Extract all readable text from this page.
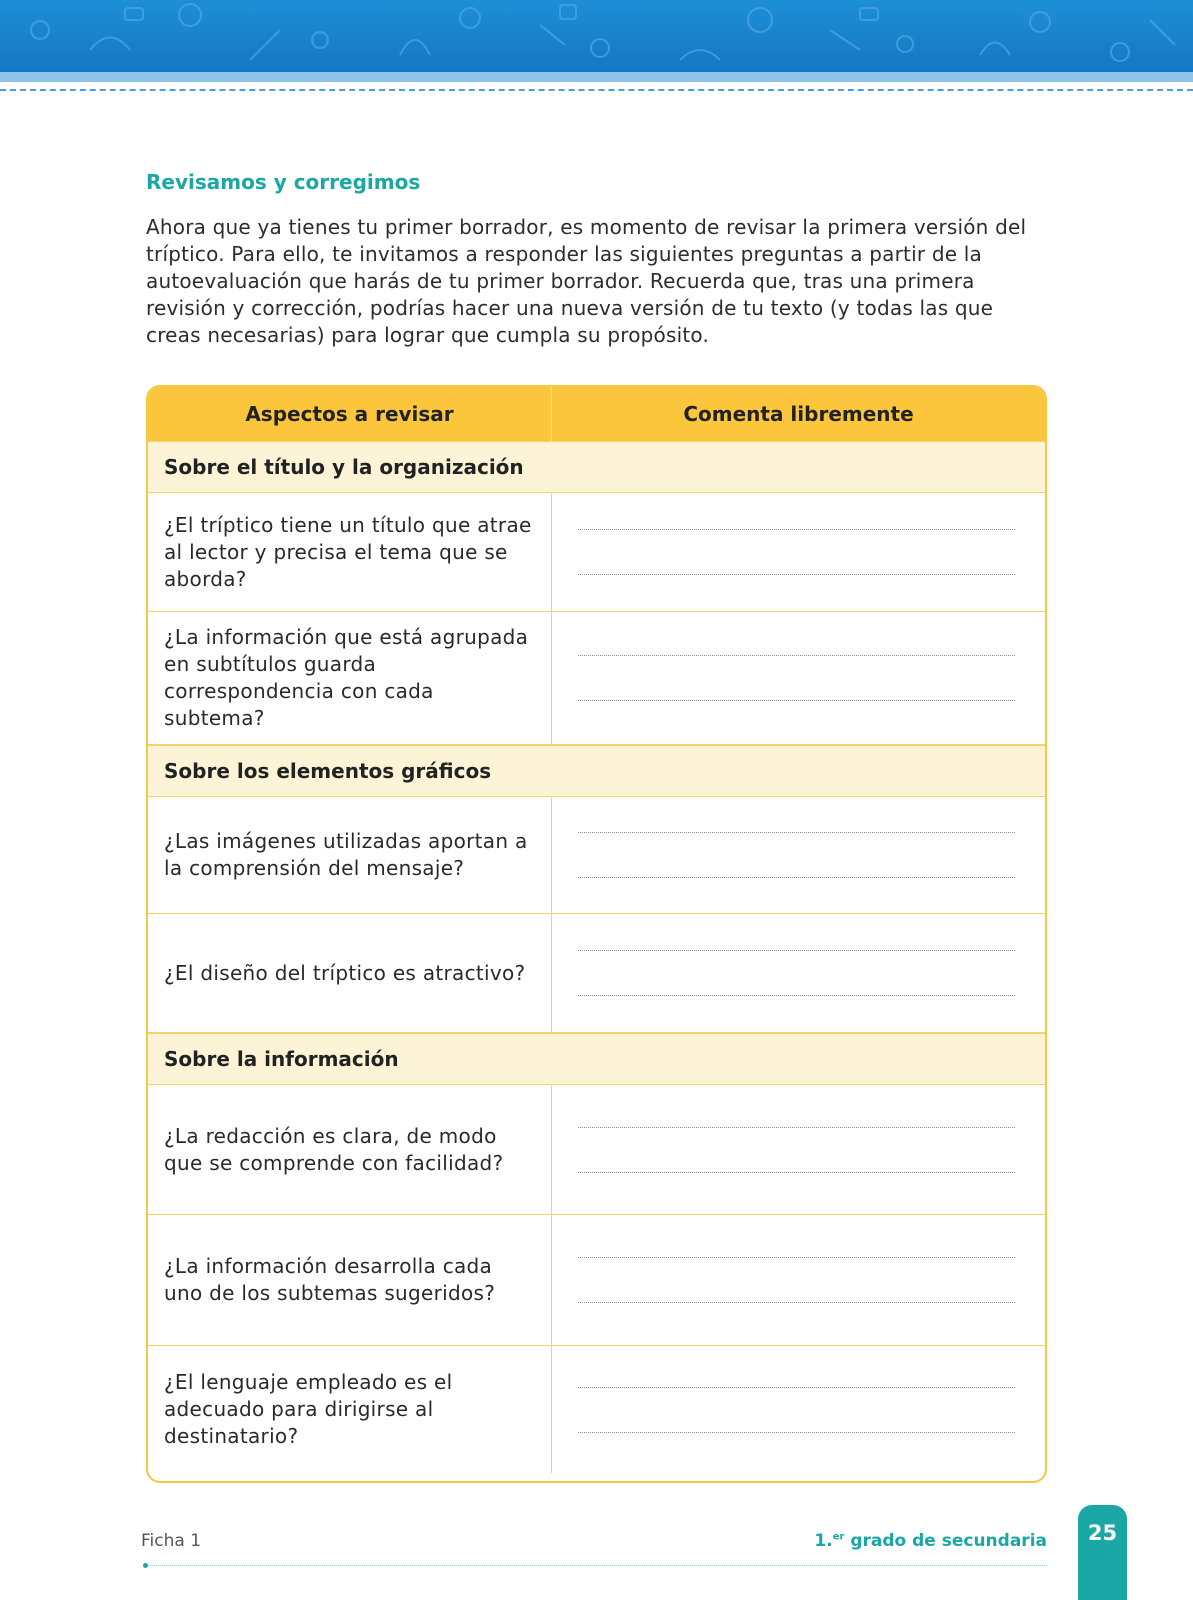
Revisamos y corregimos

Ahora que ya tienes tu primer borrador, es momento de revisar la primera versión del tríptico. Para ello, te invitamos a responder las siguientes preguntas a partir de la autoevaluación que harás de tu primer borrador. Recuerda que, tras una primera revisión y corrección, podrías hacer una nueva versión de tu texto (y todas las que creas necesarias) para lograr que cumpla su propósito.

Aspectos a revisar	Comenta libremente
Sobre el título y la organización
¿El tríptico tiene un título que atrae al lector y precisa el tema que se aborda?
¿La información que está agrupada en subtítulos guarda correspondencia con cada subtema?
Sobre los elementos gráficos
¿Las imágenes utilizadas aportan a la comprensión del mensaje?
¿El diseño del tríptico es atractivo?
Sobre la información
¿La redacción es clara, de modo que se comprende con facilidad?
¿La información desarrolla cada uno de los subtemas sugeridos?
¿El lenguaje empleado es el adecuado para dirigirse al destinatario?
Ficha 1	1.$^{er}$ grado de secundaria	25
